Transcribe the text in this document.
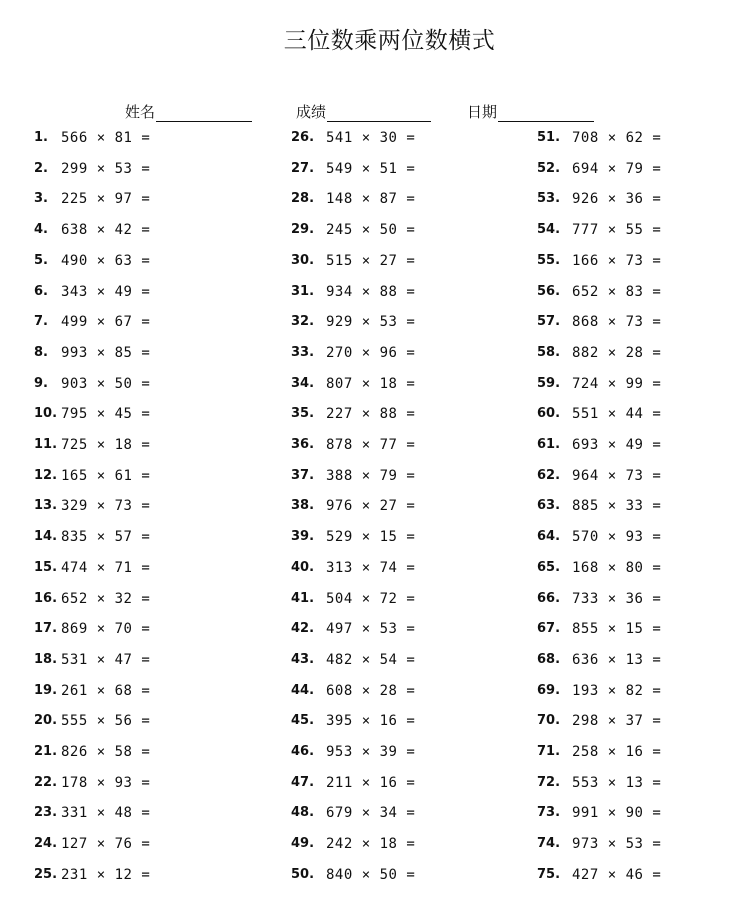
三位数乘两位数横式
姓名	成绩	日期
1. 566 × 81 =
2. 299 × 53 =
3. 225 × 97 =
4. 638 × 42 =
5. 490 × 63 =
6. 343 × 49 =
7. 499 × 67 =
8. 993 × 85 =
9. 903 × 50 =
10. 795 × 45 =
11. 725 × 18 =
12. 165 × 61 =
13. 329 × 73 =
14. 835 × 57 =
15. 474 × 71 =
16. 652 × 32 =
17. 869 × 70 =
18. 531 × 47 =
19. 261 × 68 =
20. 555 × 56 =
21. 826 × 58 =
22. 178 × 93 =
23. 331 × 48 =
24. 127 × 76 =
25. 231 × 12 =
26. 541 × 30 =
27. 549 × 51 =
28. 148 × 87 =
29. 245 × 50 =
30. 515 × 27 =
31. 934 × 88 =
32. 929 × 53 =
33. 270 × 96 =
34. 807 × 18 =
35. 227 × 88 =
36. 878 × 77 =
37. 388 × 79 =
38. 976 × 27 =
39. 529 × 15 =
40. 313 × 74 =
41. 504 × 72 =
42. 497 × 53 =
43. 482 × 54 =
44. 608 × 28 =
45. 395 × 16 =
46. 953 × 39 =
47. 211 × 16 =
48. 679 × 34 =
49. 242 × 18 =
50. 840 × 50 =
51. 708 × 62 =
52. 694 × 79 =
53. 926 × 36 =
54. 777 × 55 =
55. 166 × 73 =
56. 652 × 83 =
57. 868 × 73 =
58. 882 × 28 =
59. 724 × 99 =
60. 551 × 44 =
61. 693 × 49 =
62. 964 × 73 =
63. 885 × 33 =
64. 570 × 93 =
65. 168 × 80 =
66. 733 × 36 =
67. 855 × 15 =
68. 636 × 13 =
69. 193 × 82 =
70. 298 × 37 =
71. 258 × 16 =
72. 553 × 13 =
73. 991 × 90 =
74. 973 × 53 =
75. 427 × 46 =
